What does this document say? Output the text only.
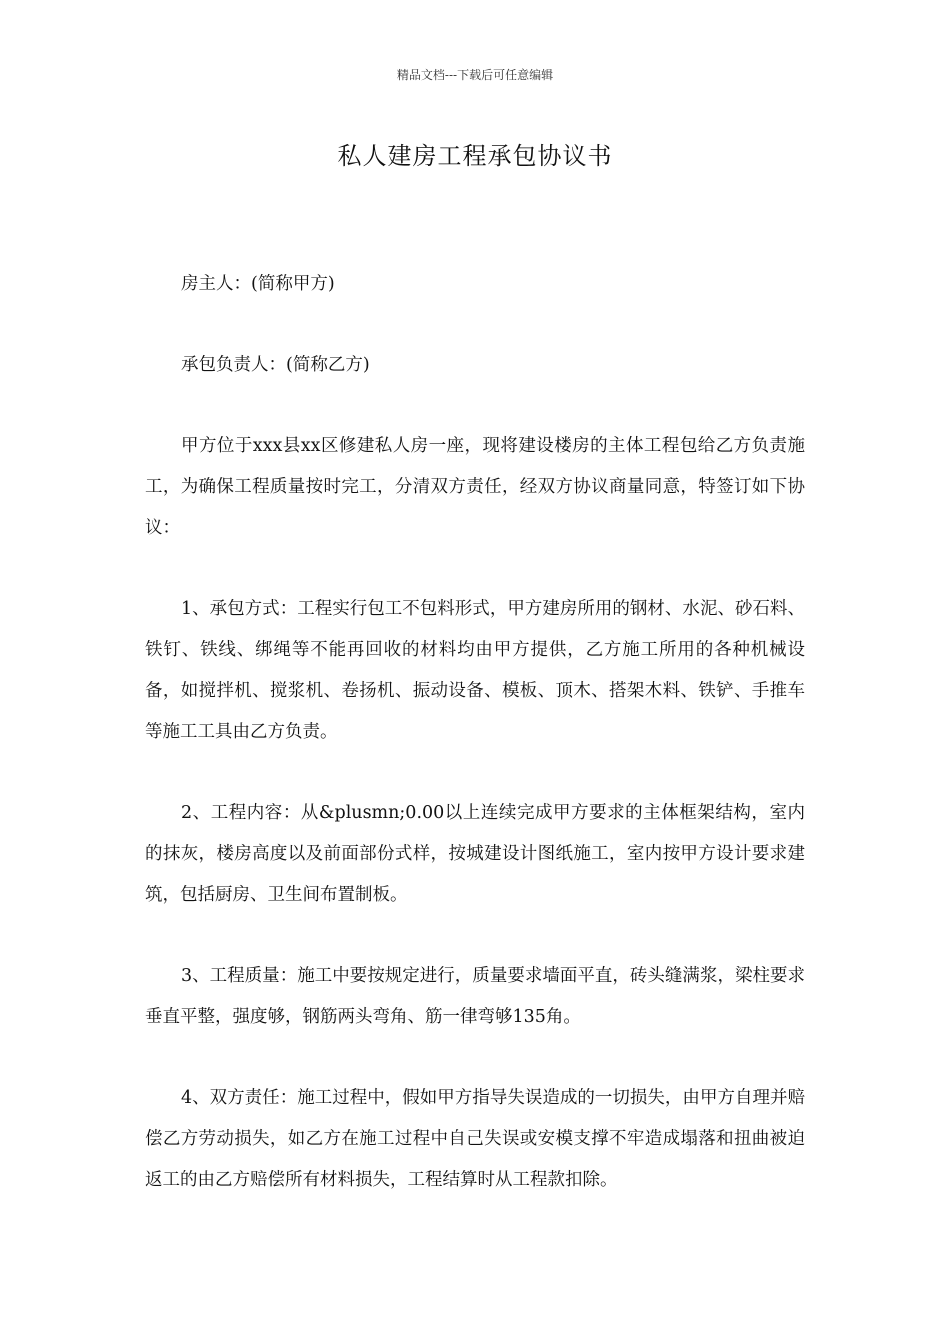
精品文档---下载后可任意编辑
私人建房工程承包协议书

房主人：(简称甲方)

承包负责人：(简称乙方)

甲方位于xxx县xx区修建私人房一座，现将建设楼房的主体工程包给乙方负责施工，为确保工程质量按时完工，分清双方责任，经双方协议商量同意，特签订如下协议：

1、承包方式：工程实行包工不包料形式，甲方建房所用的钢材、水泥、砂石料、铁钉、铁线、绑绳等不能再回收的材料均由甲方提供，乙方施工所用的各种机械设备，如搅拌机、搅浆机、卷扬机、振动设备、模板、顶木、搭架木料、铁铲、手推车等施工工具由乙方负责。

2、工程内容：从&plusmn;0.00以上连续完成甲方要求的主体框架结构，室内的抹灰，楼房高度以及前面部份式样，按城建设计图纸施工，室内按甲方设计要求建筑，包括厨房、卫生间布置制板。

3、工程质量：施工中要按规定进行，质量要求墙面平直，砖头缝满浆，梁柱要求垂直平整，强度够，钢筋两头弯角、筋一律弯够135角。

4、双方责任：施工过程中，假如甲方指导失误造成的一切损失，由甲方自理并赔偿乙方劳动损失，如乙方在施工过程中自己失误或安模支撑不牢造成塌落和扭曲被迫返工的由乙方赔偿所有材料损失，工程结算时从工程款扣除。
